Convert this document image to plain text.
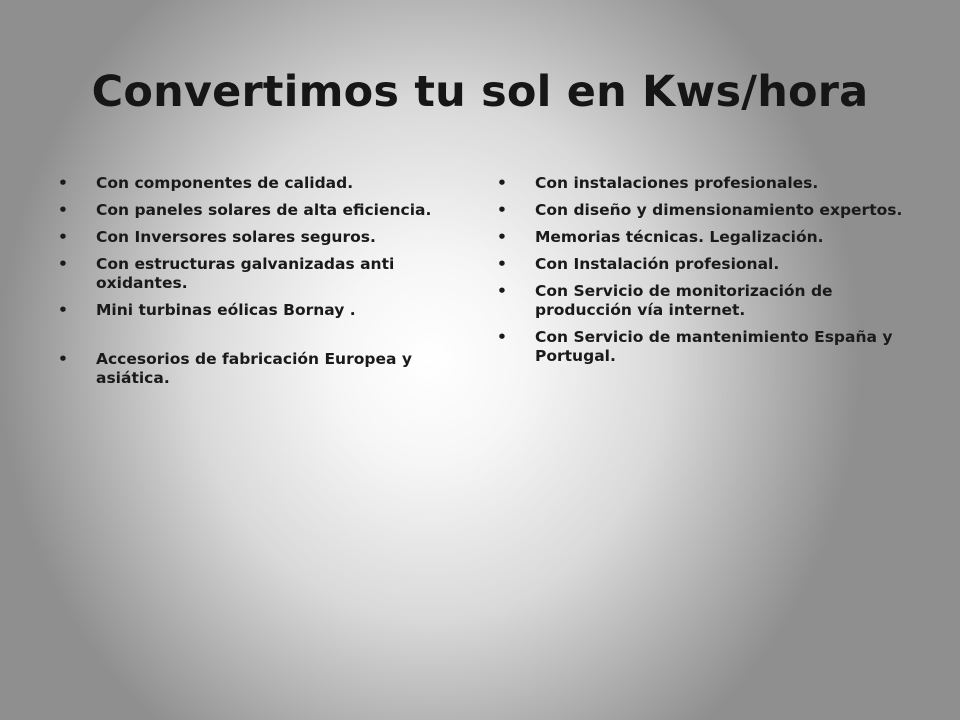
Convertimos tu sol en Kws/hora
• Con componentes de calidad.
• Con paneles solares de alta eficiencia.
• Con Inversores solares seguros.
• Con estructuras galvanizadas anti oxidantes.
• Mini turbinas eólicas Bornay .
• Accesorios de fabricación Europea y asiática.
• Con instalaciones profesionales.
• Con diseño y dimensionamiento expertos.
• Memorias técnicas. Legalización.
• Con Instalación profesional.
• Con Servicio de monitorización de producción vía internet.
• Con Servicio de mantenimiento España y Portugal.
